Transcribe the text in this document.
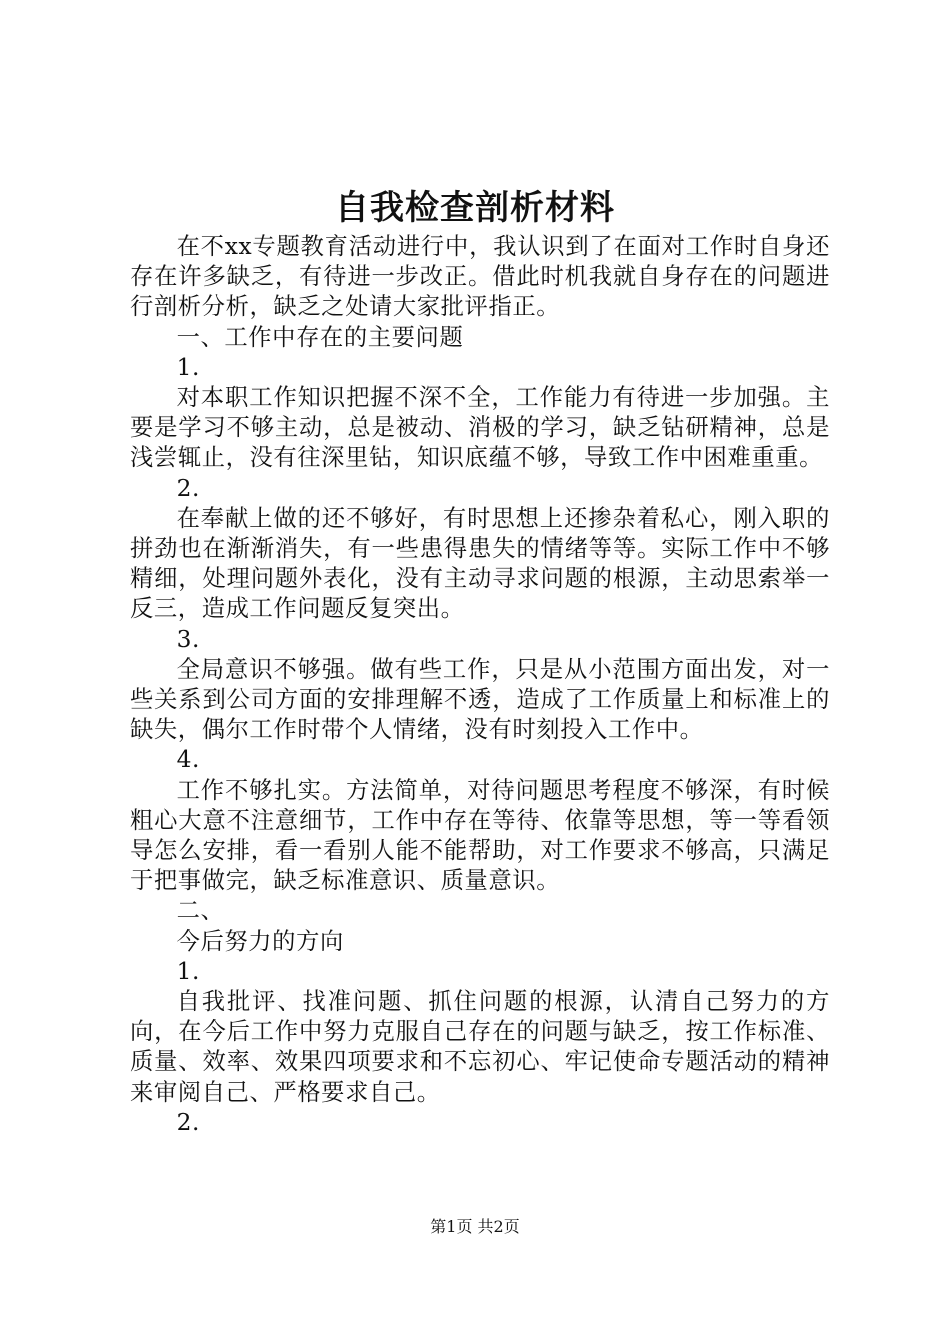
自我检查剖析材料

在不xx专题教育活动进行中，我认识到了在面对工作时自身还存在许多缺乏，有待进一步改正。借此时机我就自身存在的问题进行剖析分析，缺乏之处请大家批评指正。

一、工作中存在的主要问题

1.

对本职工作知识把握不深不全，工作能力有待进一步加强。主要是学习不够主动，总是被动、消极的学习，缺乏钻研精神，总是浅尝辄止，没有往深里钻，知识底蕴不够，导致工作中困难重重。

2.

在奉献上做的还不够好，有时思想上还掺杂着私心，刚入职的拼劲也在渐渐消失，有一些患得患失的情绪等等。实际工作中不够精细，处理问题外表化，没有主动寻求问题的根源，主动思索举一反三，造成工作问题反复突出。

3.

全局意识不够强。做有些工作，只是从小范围方面出发，对一些关系到公司方面的安排理解不透，造成了工作质量上和标准上的缺失，偶尔工作时带个人情绪，没有时刻投入工作中。

4.

工作不够扎实。方法简单，对待问题思考程度不够深，有时候粗心大意不注意细节，工作中存在等待、依靠等思想，等一等看领导怎么安排，看一看别人能不能帮助，对工作要求不够高，只满足于把事做完，缺乏标准意识、质量意识。

二、

今后努力的方向

1.

自我批评、找准问题、抓住问题的根源，认清自己努力的方向，在今后工作中努力克服自己存在的问题与缺乏，按工作标准、质量、效率、效果四项要求和不忘初心、牢记使命专题活动的精神来审阅自己、严格要求自己。

2.

第1页 共2页
